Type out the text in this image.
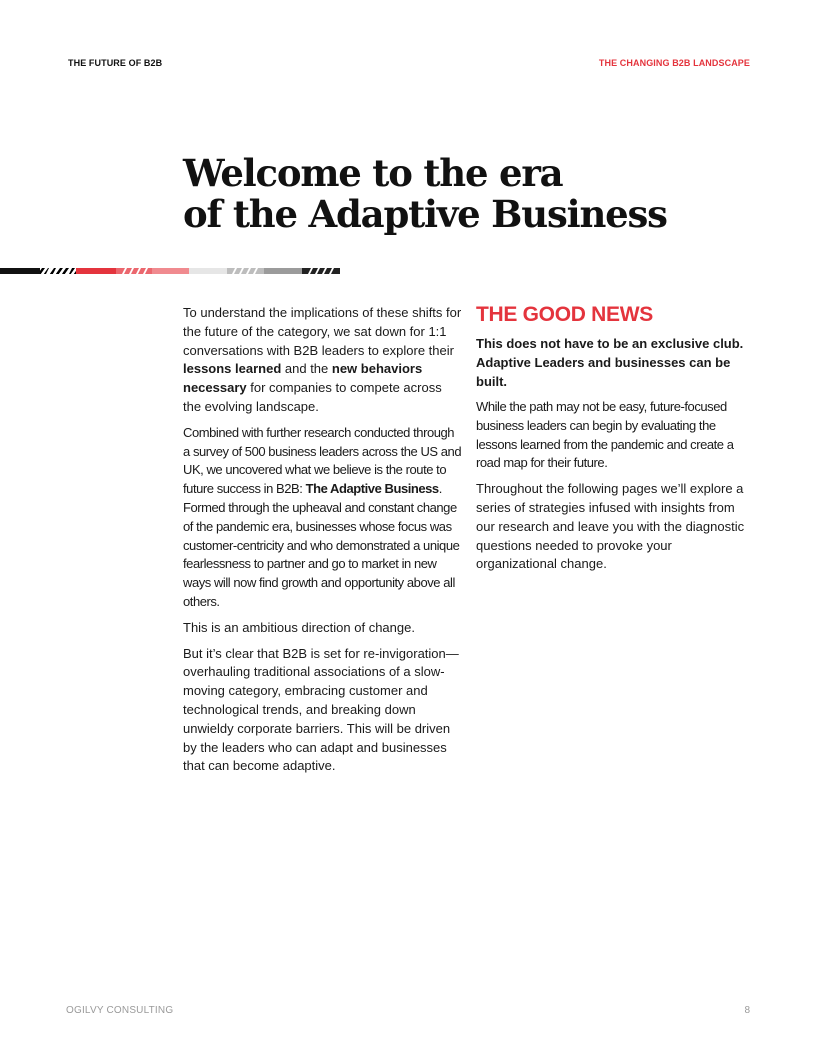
THE FUTURE OF B2B	THE CHANGING B2B LANDSCAPE
Welcome to the era
of the Adaptive Business

To understand the implications of these shifts for the future of the category, we sat down for 1:1 conversations with B2B leaders to explore their lessons learned and the new behaviors necessary for companies to compete across the evolving landscape.

Combined with further research conducted through a survey of 500 business leaders across the US and UK, we uncovered what we believe is the route to future success in B2B: The Adaptive Business. Formed through the upheaval and constant change of the pandemic era, businesses whose focus was customer-centricity and who demonstrated a unique fearlessness to partner and go to market in new ways will now find growth and opportunity above all others.

This is an ambitious direction of change.

But it’s clear that B2B is set for re-invigoration—overhauling traditional associations of a slow-moving category, embracing customer and technological trends, and breaking down unwieldy corporate barriers. This will be driven by the leaders who can adapt and businesses that can become adaptive.

THE GOOD NEWS

This does not have to be an exclusive club. Adaptive Leaders and businesses can be built.

While the path may not be easy, future-focused business leaders can begin by evaluating the lessons learned from the pandemic and create a road map for their future.

Throughout the following pages we’ll explore a series of strategies infused with insights from our research and leave you with the diagnostic questions needed to provoke your organizational change.

OGILVY CONSULTING	8
